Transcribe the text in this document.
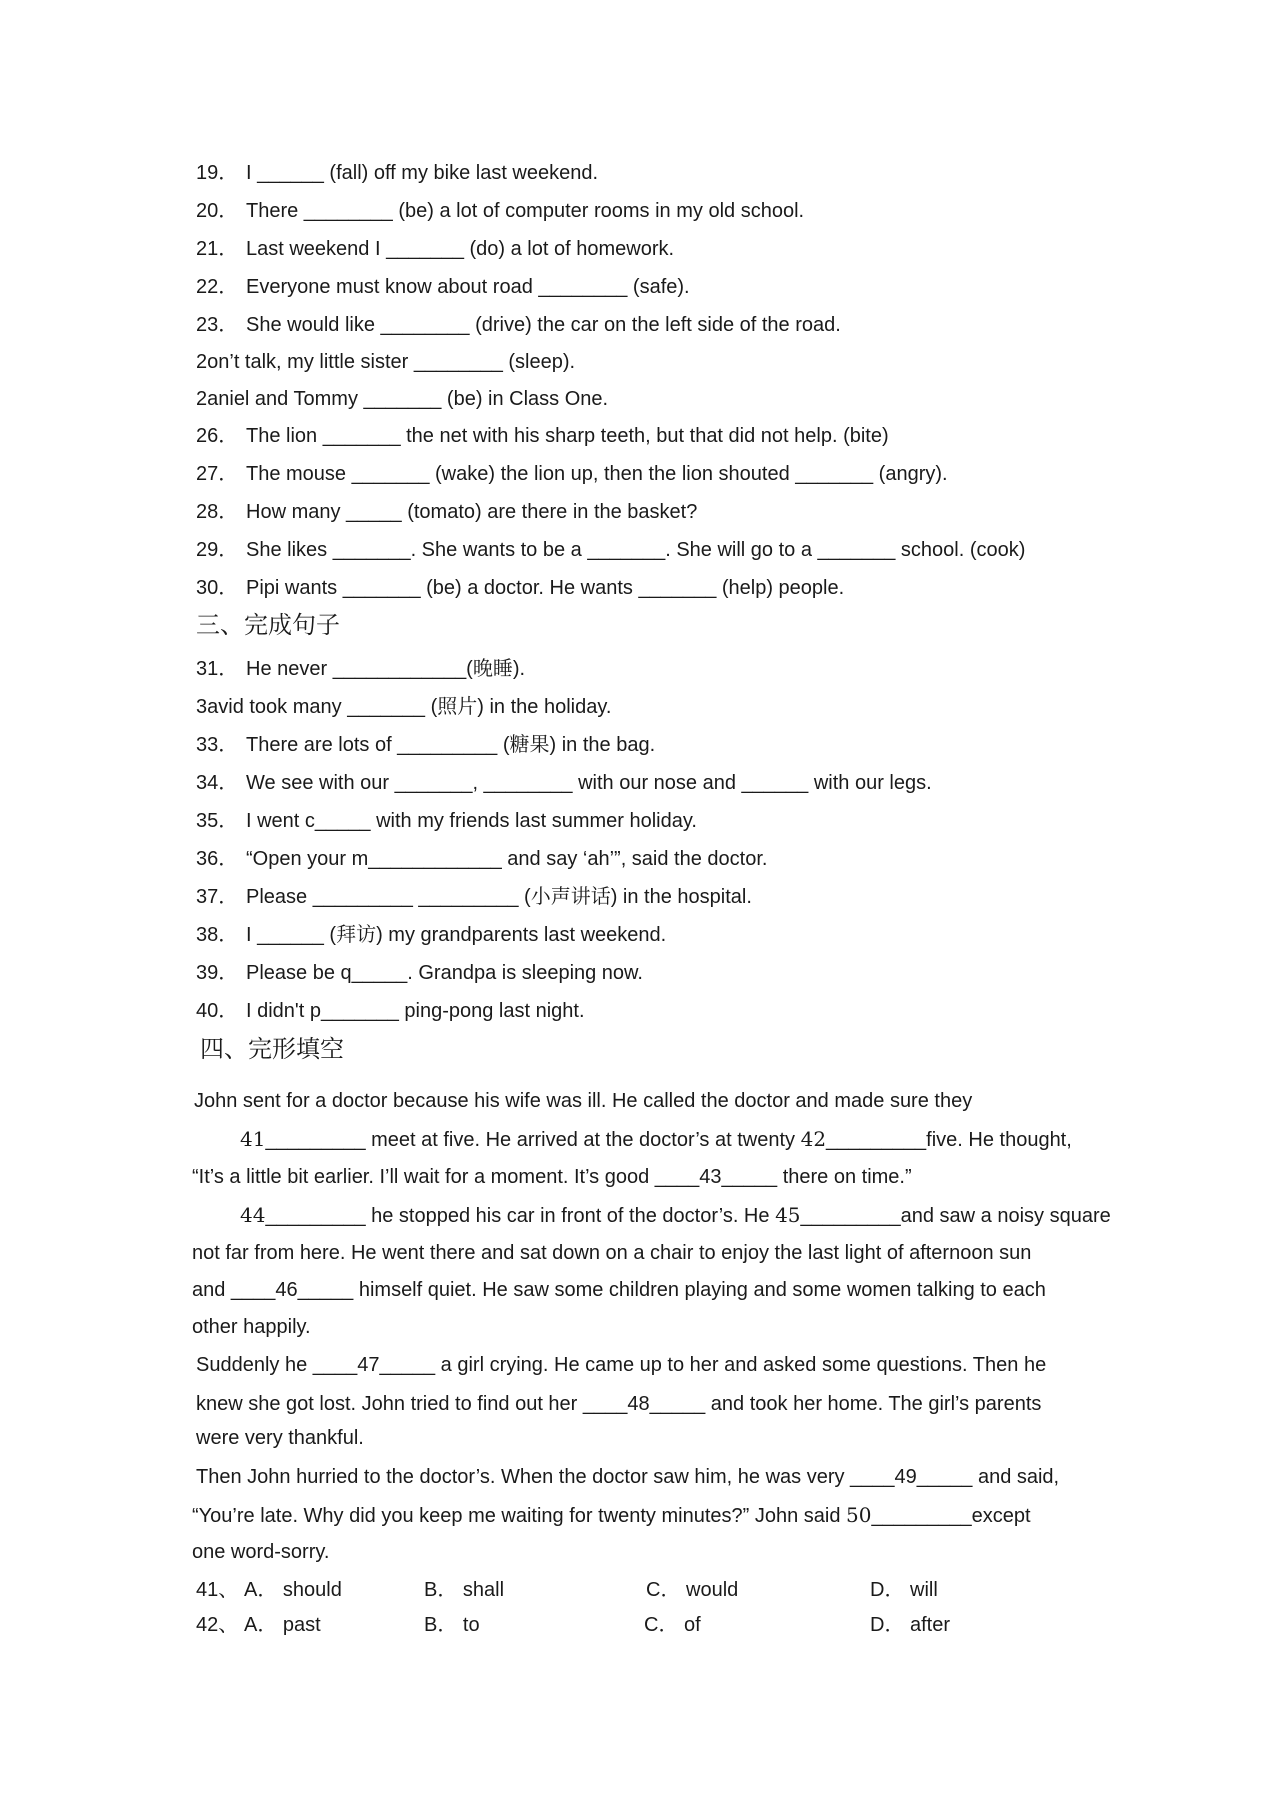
19． I ______ (fall) off my bike last weekend.
20． There ________ (be) a lot of computer rooms in my old school.
21． Last weekend I _______ (do) a lot of homework.
22． Everyone must know about road ________ (safe).
23． She would like ________ (drive) the car on the left side of the road.
2on’t talk, my little sister ________ (sleep).
2aniel and Tommy _______ (be) in Class One.
26． The lion _______ the net with his sharp teeth, but that did not help. (bite)
27． The mouse _______ (wake) the lion up, then the lion shouted _______ (angry).
28． How many _____ (tomato) are there in the basket?
29． She likes _______. She wants to be a _______. She will go to a _______ school. (cook)
30． Pipi wants _______ (be) a doctor. He wants _______ (help) people.
三、完成句子
31． He never ____________(晚睡).
3avid took many _______ (照片) in the holiday.
33． There are lots of _________ (糖果) in the bag.
34． We see with our _______, ________ with our nose and ______ with our legs.
35． I went c_____ with my friends last summer holiday.
36． “Open your m____________ and say ‘ah’”, said the doctor.
37． Please _________ _________ (小声讲话) in the hospital.
38． I ______ (拜访) my grandparents last weekend.
39． Please be q_____. Grandpa is sleeping now.
40． I didn't p_______ ping-pong last night.
四、完形填空
John sent for a doctor because his wife was ill. He called the doctor and made sure they
41_________ meet at five. He arrived at the doctor’s at twenty 42_________five. He thought,
“It’s a little bit earlier. I’ll wait for a moment. It’s good ____43_____ there on time.”
44_________ he stopped his car in front of the doctor’s. He 45_________and saw a noisy square
not far from here. He went there and sat down on a chair to enjoy the last light of afternoon sun
and ____46_____ himself quiet. He saw some children playing and some women talking to each
other happily.
Suddenly he ____47_____ a girl crying. He came up to her and asked some questions. Then he
knew she got lost. John tried to find out her ____48_____ and took her home. The girl’s parents
were very thankful.
Then John hurried to the doctor’s. When the doctor saw him, he was very ____49_____ and said,
“You’re late. Why did you keep me waiting for twenty minutes?” John said 50_________except
one word-sorry.
41、 A． should	B． shall	C． would	D． will
42、 A． past	B． to	C． of	D． after
